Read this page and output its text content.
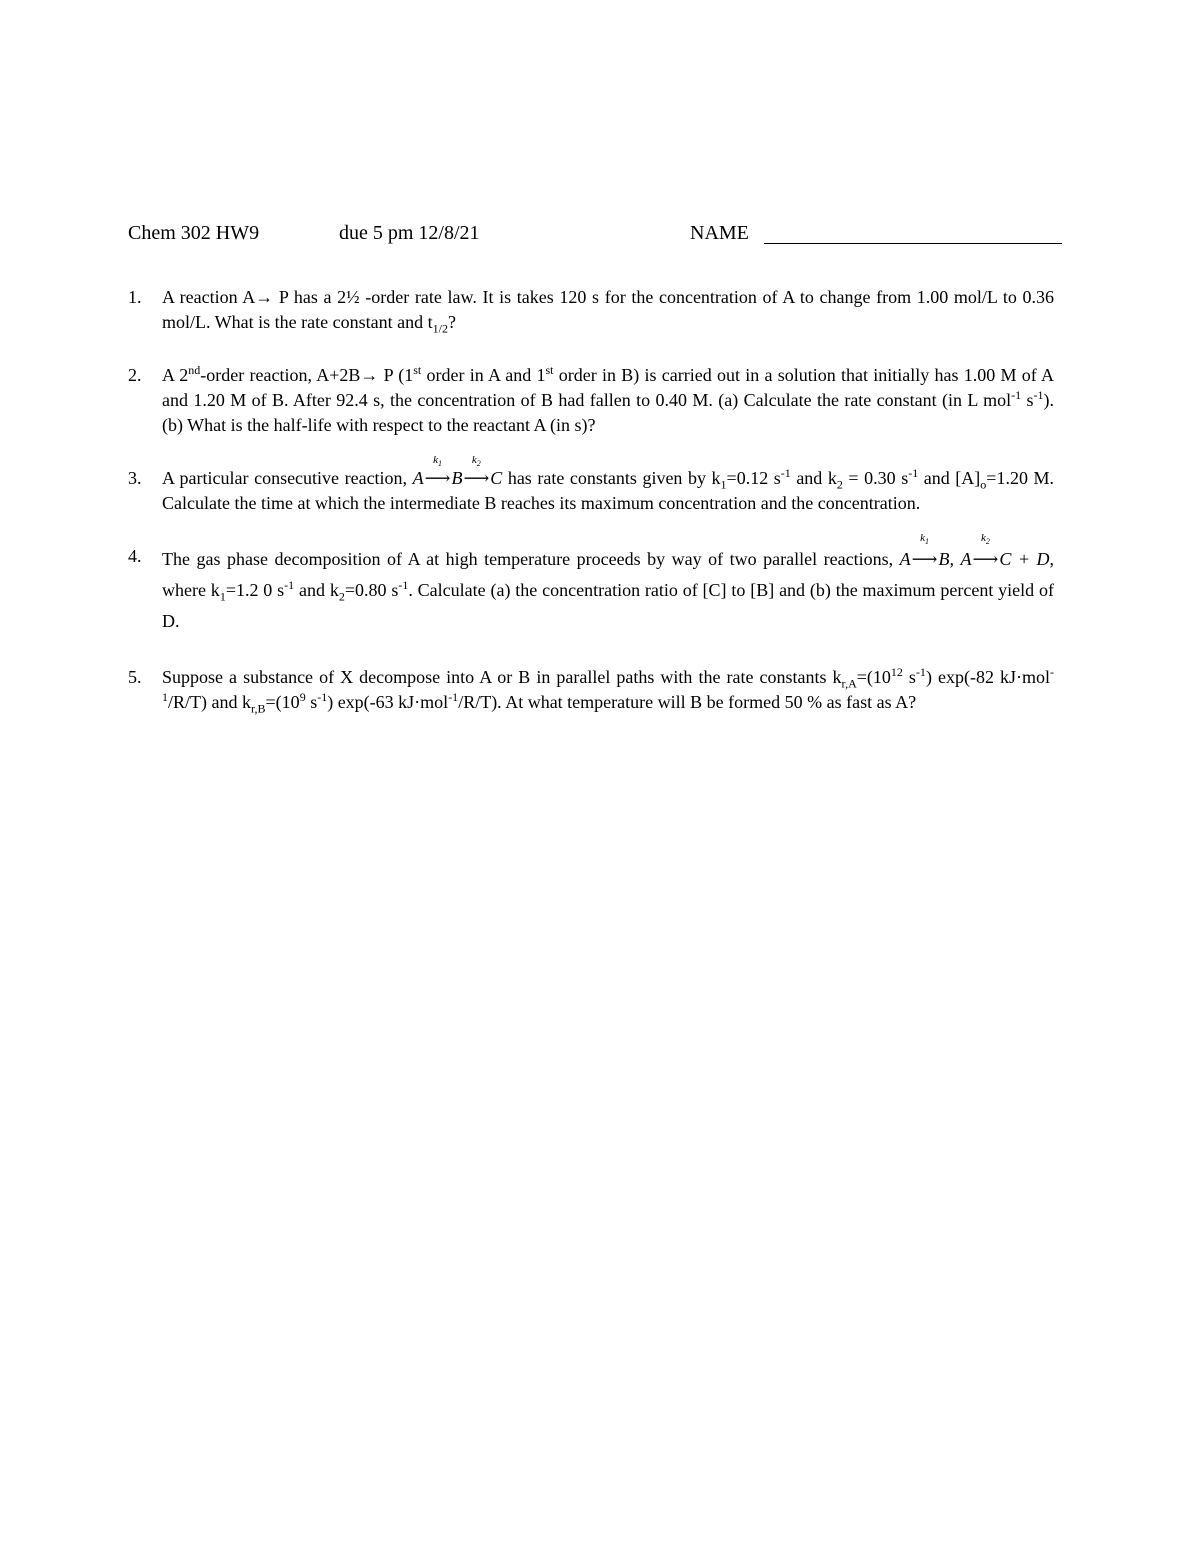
Chem 302 HW9	due 5 pm 12/8/21	NAME
1. A reaction A→ P has a 2½ -order rate law. It is takes 120 s for the concentration of A to change from 1.00 mol/L to 0.36 mol/L. What is the rate constant and $t_{1/2}$?
2. A 2nd-order reaction, A+2B→ P (1st order in A and 1st order in B) is carried out in a solution that initially has 1.00 M of A and 1.20 M of B. After 92.4 s, the concentration of B had fallen to 0.40 M. (a) Calculate the rate constant (in L mol$^{-1}$ $s^{-1}$). (b) What is the half-life with respect to the reactant A (in s)?
3. A particular consecutive reaction, A
$k_1$
⟶ B
$k_2$
⟶ C has rate constants given by $k_1=0.12$ $s^{-1}$ and $k_2 = 0.30$ $s^{-1}$ and $[A]_o=1.20$ M. Calculate the time at which the intermediate B reaches its maximum concentration and the concentration.
4. The gas phase decomposition of A at high temperature proceeds by way of two parallel reactions, A
$k_1$
⟶ B, A
$k_2$
⟶ C + D, where $k_1=1.2$ 0 $s^{-1}$ and $k_2=0.80$ $s^{-1}$. Calculate (a) the concentration ratio of [C] to [B] and (b) the maximum percent yield of D.
5. Suppose a substance of X decompose into A or B in parallel paths with the rate constants $k_{r,A}=(10^{12}$ $s^{-1}$) exp(-82 kJ·mol$^{-1}$/R/T) and $k_{r,B}=(10^9$ $s^{-1}$) exp(-63 kJ·mol$^{-1}$/R/T). At what temperature will B be formed 50 % as fast as A?
